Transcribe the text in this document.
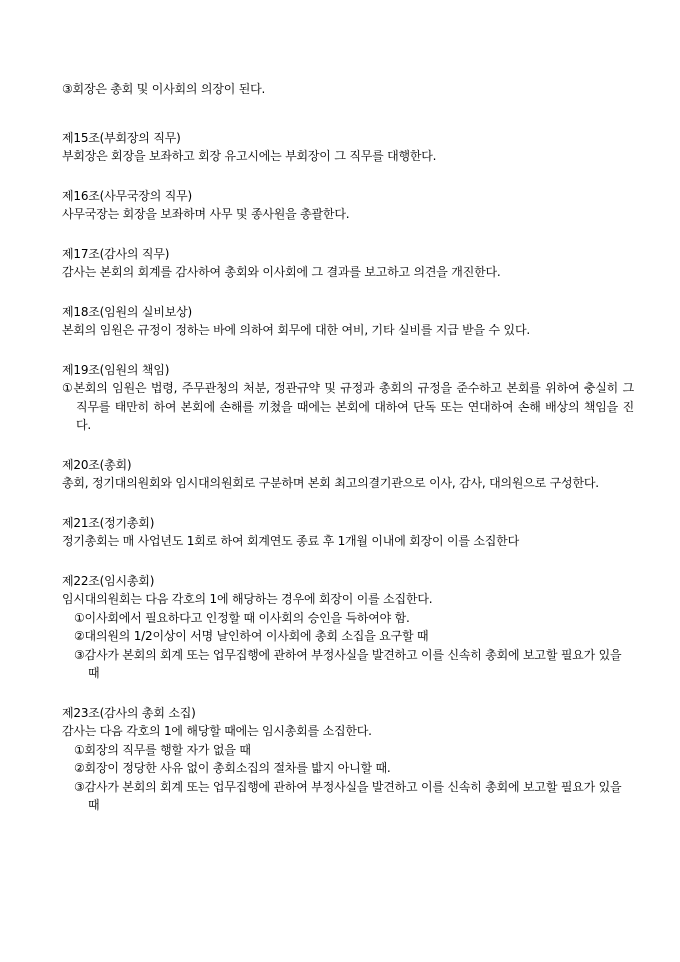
③회장은 총회 및 이사회의 의장이 된다.

제15조(부회장의 직무)

부회장은 회장을 보좌하고 회장 유고시에는 부회장이 그 직무를 대행한다.

제16조(사무국장의 직무)

사무국장는 회장을 보좌하며 사무 및 종사원을 총괄한다.

제17조(감사의 직무)

감사는 본회의 회계를 감사하여 총회와 이사회에 그 결과를 보고하고 의견을 개진한다.

제18조(임원의 실비보상)

본회의 임원은 규정이 정하는 바에 의하여 회무에 대한 여비, 기타 실비를 지급 받을 수 있다.

제19조(임원의 책임)

①본회의 임원은 법령, 주무관청의 처분, 정관규약 및 규정과 총회의 규정을 준수하고 본회를 위하여 충실히 그 직무를 태만히 하여 본회에 손해를 끼쳤을 때에는 본회에 대하여 단독 또는 연대하여 손해 배상의 책임을 진다.

제20조(총회)

총회, 정기대의원회와 임시대의원회로 구분하며 본회 최고의결기관으로 이사, 감사, 대의원으로 구성한다.

제21조(정기총회)

정기총회는 매 사업년도 1회로 하여 회계연도 종료 후 1개월 이내에 회장이 이를 소집한다

제22조(임시총회)

임시대의원회는 다음 각호의 1에 해당하는 경우에 회장이 이를 소집한다.

①이사회에서 필요하다고 인정할 때 이사회의 승인을 득하여야 함.

②대의원의 1/2이상이 서명 날인하여 이사회에 총회 소집을 요구할 때

③감사가 본회의 회계 또는 업무집행에 관하여 부정사실을 발견하고 이를 신속히 총회에 보고할 필요가 있을 때

제23조(감사의 총회 소집)

감사는 다음 각호의 1에 해당할 때에는 임시총회를 소집한다.

①회장의 직무를 행할 자가 없을 때

②회장이 정당한 사유 없이 총회소집의 절차를 밟지 아니할 때.

③감사가 본회의 회계 또는 업무집행에 관하여 부정사실을 발견하고 이를 신속히 총회에 보고할 필요가 있을 때
